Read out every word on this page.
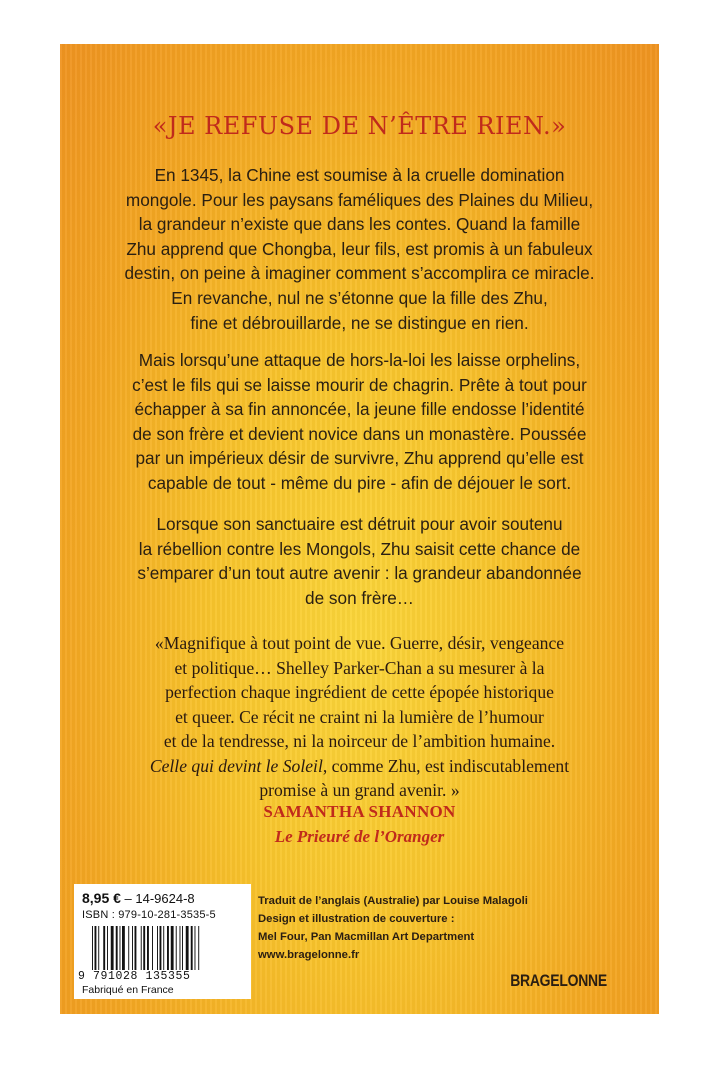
«JE REFUSE DE N’ÊTRE RIEN.»
En 1345, la Chine est soumise à la cruelle domination
mongole. Pour les paysans faméliques des Plaines du Milieu,
la grandeur n’existe que dans les contes. Quand la famille
Zhu apprend que Chongba, leur fils, est promis à un fabuleux
destin, on peine à imaginer comment s’accomplira ce miracle.
En revanche, nul ne s’étonne que la fille des Zhu,
fine et débrouillarde, ne se distingue en rien.
Mais lorsqu’une attaque de hors-la-loi les laisse orphelins,
c’est le fils qui se laisse mourir de chagrin. Prête à tout pour
échapper à sa fin annoncée, la jeune fille endosse l’identité
de son frère et devient novice dans un monastère. Poussée
par un impérieux désir de survivre, Zhu apprend qu’elle est
capable de tout - même du pire - afin de déjouer le sort.
Lorsque son sanctuaire est détruit pour avoir soutenu
la rébellion contre les Mongols, Zhu saisit cette chance de
s’emparer d’un tout autre avenir : la grandeur abandonnée
de son frère…
«Magnifique à tout point de vue. Guerre, désir, vengeance
et politique… Shelley Parker-Chan a su mesurer à la
perfection chaque ingrédient de cette épopée historique
et queer. Ce récit ne craint ni la lumière de l’humour
et de la tendresse, ni la noirceur de l’ambition humaine.
Celle qui devint le Soleil, comme Zhu, est indiscutablement
promise à un grand avenir. »
SAMANTHA SHANNON
Le Prieuré de l’Oranger
8,95 € – 14-9624-8
ISBN : 979-10-281-3535-5
9 791028 135355
Fabriqué en France
Traduit de l’anglais (Australie) par Louise Malagoli
Design et illustration de couverture :
Mel Four, Pan Macmillan Art Department
www.bragelonne.fr
BRAGELONNE
